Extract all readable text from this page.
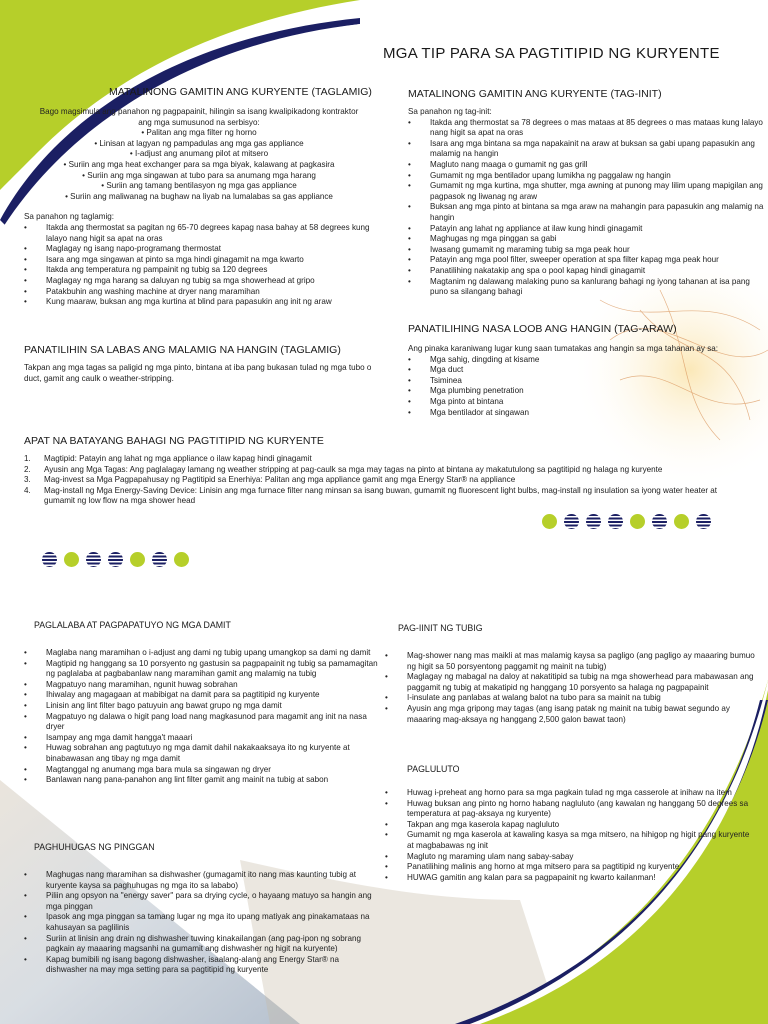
MGA TIP PARA SA PAGTITIPID NG KURYENTE
MATALINONG GAMITIN ANG KURYENTE (TAGLAMIG)

Bago magsimula ang panahon ng pagpapainit, hilingin sa isang kwalipikadong kontraktor ang mga sumusunod na serbisyo:

• Palitan ang mga filter ng horno
• Linisan at lagyan ng pampadulas ang mga gas appliance
• I-adjust ang anumang pilot at mitsero
• Suriin ang mga heat exchanger para sa mga biyak, kalawang at pagkasira
• Suriin ang mga singawan at tubo para sa anumang mga harang
• Suriin ang tamang bentilasyon ng mga gas appliance
• Suriin ang maliwanag na bughaw na liyab na lumalabas sa gas appliance

Sa panahon ng taglamig:

• Itakda ang thermostat sa pagitan ng 65-70 degrees kapag nasa bahay at 58 degrees kung lalayo nang higit sa apat na oras
• Maglagay ng isang napo-programang thermostat
• Isara ang mga singawan at pinto sa mga hindi ginagamit na mga kwarto
• Itakda ang temperatura ng pampainit ng tubig sa 120 degrees
• Maglagay ng mga harang sa daluyan ng tubig sa mga showerhead at gripo
• Patakbuhin ang washing machine at dryer nang maramihan
• Kung maaraw, buksan ang mga kurtina at blind para papasukin ang init ng araw
PANATILIHIN SA LABAS ANG MALAMIG NA HANGIN (TAGLAMIG)

Takpan ang mga tagas sa paligid ng mga pinto, bintana at iba pang bukasan tulad ng mga tubo o duct, gamit ang caulk o weather-stripping.

MATALINONG GAMITIN ANG KURYENTE (TAG-INIT)

Sa panahon ng tag-init:

• Itakda ang thermostat sa 78 degrees o mas mataas at 85 degrees o mas mataas kung lalayo nang higit sa apat na oras
• Isara ang mga bintana sa mga napakainit na araw at buksan sa gabi upang papasukin ang malamig na hangin
• Magluto nang maaga o gumamit ng gas grill
• Gumamit ng mga bentilador upang lumikha ng paggalaw ng hangin
• Gumamit ng mga kurtina, mga shutter, mga awning at punong may lilim upang mapigilan ang pagpasok ng liwanag ng araw
• Buksan ang mga pinto at bintana sa mga araw na mahangin para papasukin ang malamig na hangin
• Patayin ang lahat ng appliance at ilaw kung hindi ginagamit
• Maghugas ng mga pinggan sa gabi
• Iwasang gumamit ng maraming tubig sa mga peak hour
• Patayin ang mga pool filter, sweeper operation at spa filter kapag mga peak hour
• Panatilihing nakatakip ang spa o pool kapag hindi ginagamit
• Magtanim ng dalawang malaking puno sa kanlurang bahagi ng iyong tahanan at isa pang puno sa silangang bahagi
PANATILIHING NASA LOOB ANG HANGIN (TAG-ARAW)

Ang pinaka karaniwang lugar kung saan tumatakas ang hangin sa mga tahanan ay sa:

• Mga sahig, dingding at kisame
• Mga duct
• Tsiminea
• Mga plumbing penetration
• Mga pinto at bintana
• Mga bentilador at singawan
APAT NA BATAYANG BAHAGI NG PAGTITIPID NG KURYENTE
1. Magtipid: Patayin ang lahat ng mga appliance o ilaw kapag hindi ginagamit
2. Ayusin ang Mga Tagas: Ang paglalagay lamang ng weather stripping at pag-caulk sa mga may tagas na pinto at bintana ay makatutulong sa pagtitipid ng halaga ng kuryente
3. Mag-invest sa Mga Pagpapahusay ng Pagtitipid sa Enerhiya: Palitan ang mga appliance gamit ang mga Energy Star® na appliance
4. Mag-install ng Mga Energy-Saving Device: Linisin ang mga furnace filter nang minsan sa isang buwan, gumamit ng fluorescent light bulbs, mag-install ng insulation sa iyong water heater at gumamit ng low flow na mga shower head
PAGLALABA AT PAGPAPATUYO NG MGA DAMIT
• Maglaba nang maramihan o i-adjust ang dami ng tubig upang umangkop sa dami ng damit
• Magtipid ng hanggang sa 10 porsyento ng gastusin sa pagpapainit ng tubig sa pamamagitan ng paglalaba at pagbabanlaw nang maramihan gamit ang malamig na tubig
• Magpatuyo nang maramihan, ngunit huwag sobrahan
• Ihiwalay ang magagaan at mabibigat na damit para sa pagtitipid ng kuryente
• Linisin ang lint filter bago patuyuin ang bawat grupo ng mga damit
• Magpatuyo ng dalawa o higit pang load nang magkasunod para magamit ang init na nasa dryer
• Isampay ang mga damit hangga't maaari
• Huwag sobrahan ang pagtutuyo ng mga damit dahil nakakaaksaya ito ng kuryente at binabawasan ang tibay ng mga damit
• Magtanggal ng anumang mga bara mula sa singawan ng dryer
• Banlawan nang pana-panahon ang lint filter gamit ang mainit na tubig at sabon
PAGHUHUGAS NG PINGGAN
• Maghugas nang maramihan sa dishwasher (gumagamit ito nang mas kaunting tubig at kuryente kaysa sa paghuhugas ng mga ito sa lababo)
• Piliin ang opsyon na "energy saver" para sa drying cycle, o hayaang matuyo sa hangin ang mga pinggan
• Ipasok ang mga pinggan sa tamang lugar ng mga ito upang matiyak ang pinakamataas na kahusayan sa paglilinis
• Suriin at linisin ang drain ng dishwasher tuwing kinakailangan (ang pag-ipon ng sobrang pagkain ay maaaring magsanhi na gumamit ang dishwasher ng higit na kuryente)
• Kapag bumibili ng isang bagong dishwasher, isaalang-alang ang Energy Star® na dishwasher na may mga setting para sa pagtitipid ng kuryente
PAG-IINIT NG TUBIG
• Mag-shower nang mas maikli at mas malamig kaysa sa pagligo (ang pagligo ay maaaring bumuo ng higit sa 50 porsyentong paggamit ng mainit na tubig)
• Maglagay ng mabagal na daloy at nakatitipid sa tubig na mga showerhead para mabawasan ang paggamit ng tubig at makatipid ng hanggang 10 porsyento sa halaga ng pagpapainit
• I-insulate ang panlabas at walang balot na tubo para sa mainit na tubig
• Ayusin ang mga gripong may tagas (ang isang patak ng mainit na tubig bawat segundo ay maaaring mag-aksaya ng hanggang 2,500 galon bawat taon)
PAGLULUTO
• Huwag i-preheat ang horno para sa mga pagkain tulad ng mga casserole at inihaw na item
• Huwag buksan ang pinto ng horno habang nagluluto (ang kawalan ng hanggang 50 degrees sa temperatura at pag-aksaya ng kuryente)
• Takpan ang mga kaserola kapag nagluluto
• Gumamit ng mga kaserola at kawaling kasya sa mga mitsero, na hihigop ng higit pang kuryente at magbabawas ng init
• Magluto ng maraming ulam nang sabay-sabay
• Panatilihing malinis ang horno at mga mitsero para sa pagtitipid ng kuryente
• HUWAG gamitin ang kalan para sa pagpapainit ng kwarto kailanman!
